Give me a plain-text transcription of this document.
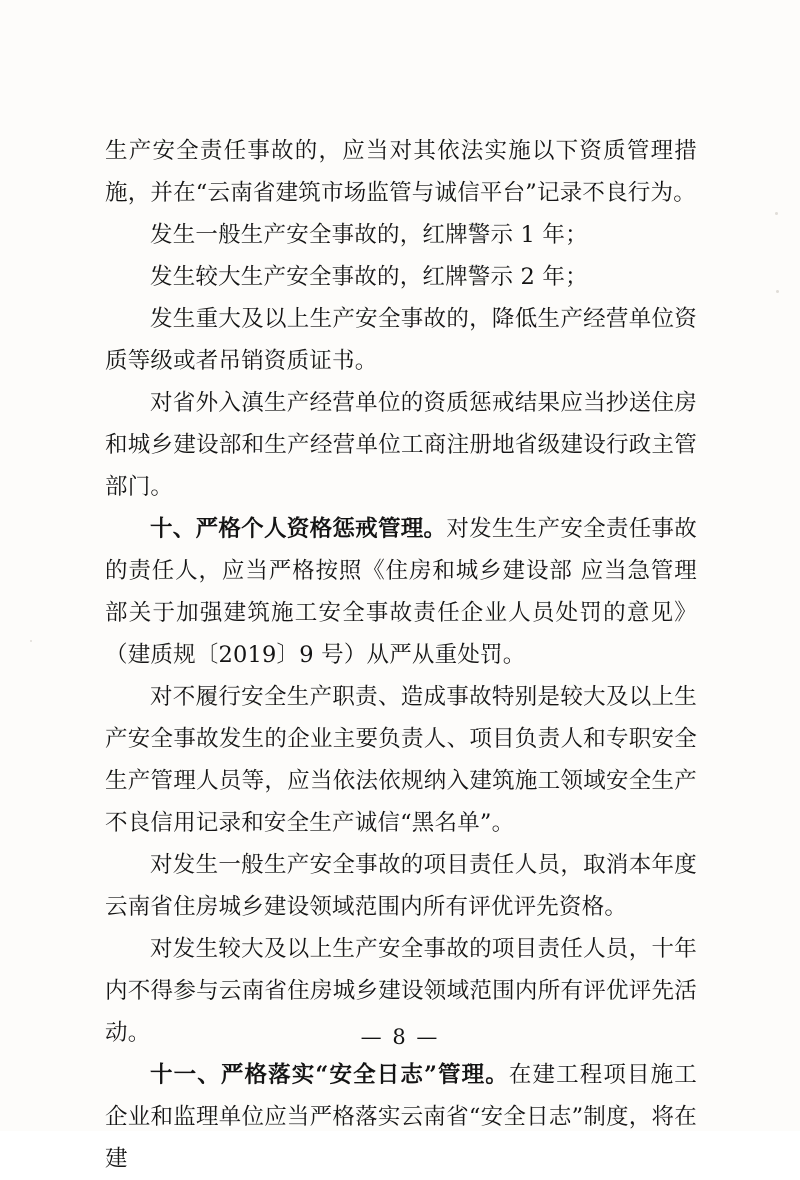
生产安全责任事故的，应当对其依法实施以下资质管理措施，并在“云南省建筑市场监管与诚信平台”记录不良行为。

发生一般生产安全事故的，红牌警示 1 年；

发生较大生产安全事故的，红牌警示 2 年；

发生重大及以上生产安全事故的，降低生产经营单位资质等级或者吊销资质证书。

对省外入滇生产经营单位的资质惩戒结果应当抄送住房和城乡建设部和生产经营单位工商注册地省级建设行政主管部门。

十、严格个人资格惩戒管理。对发生生产安全责任事故的责任人，应当严格按照《住房和城乡建设部 应当急管理部关于加强建筑施工安全事故责任企业人员处罚的意见》（建质规〔2019〕9 号）从严从重处罚。

对不履行安全生产职责、造成事故特别是较大及以上生产安全事故发生的企业主要负责人、项目负责人和专职安全生产管理人员等，应当依法依规纳入建筑施工领域安全生产不良信用记录和安全生产诚信“黑名单”。

对发生一般生产安全事故的项目责任人员，取消本年度云南省住房城乡建设领域范围内所有评优评先资格。

对发生较大及以上生产安全事故的项目责任人员，十年内不得参与云南省住房城乡建设领域范围内所有评优评先活动。

十一、严格落实“安全日志”管理。在建工程项目施工企业和监理单位应当严格落实云南省“安全日志”制度，将在建

— 8 —
